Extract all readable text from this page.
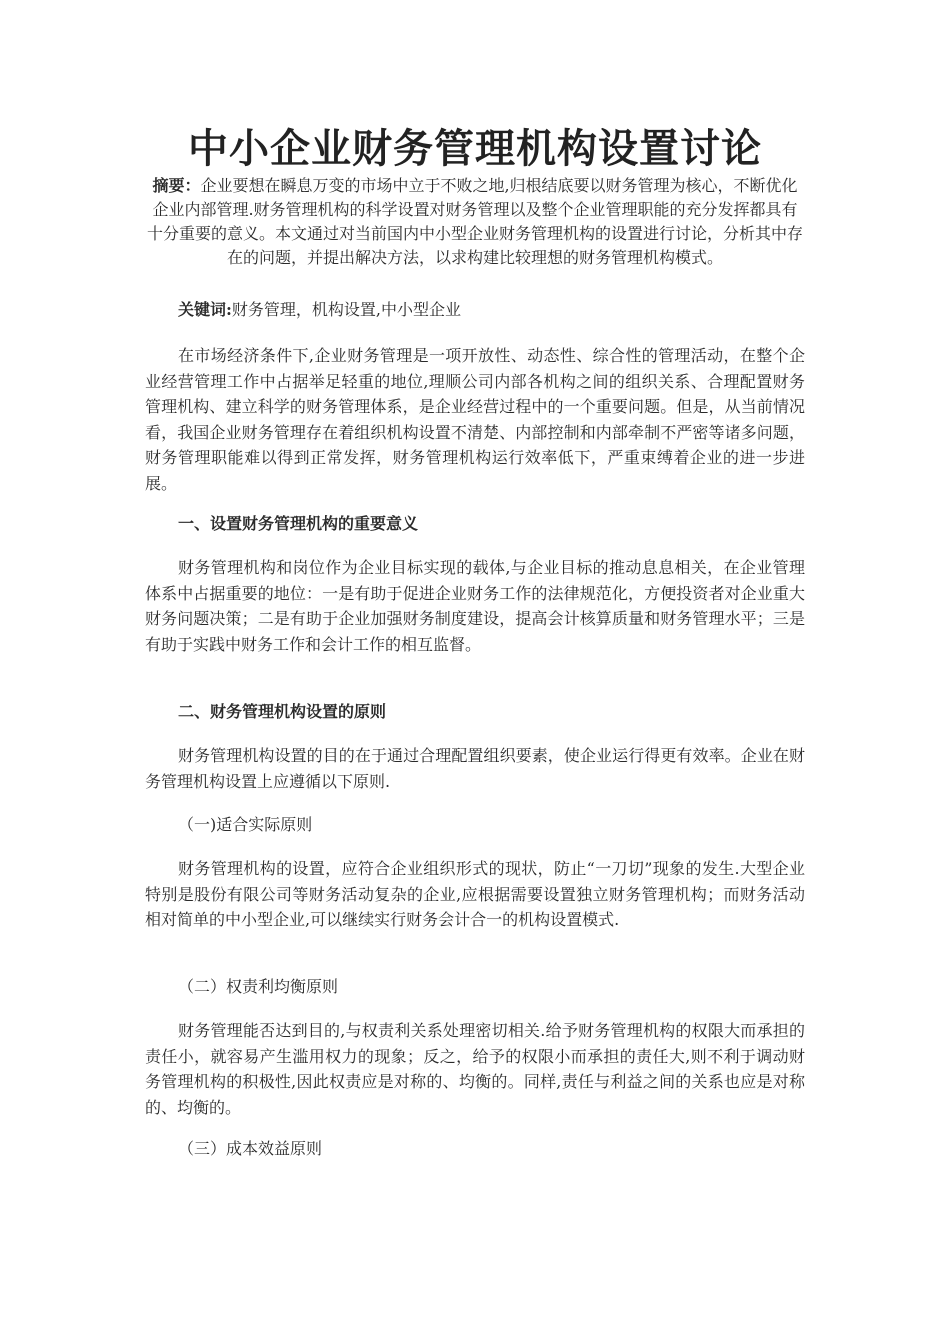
中小企业财务管理机构设置讨论
摘要：企业要想在瞬息万变的市场中立于不败之地,归根结底要以财务管理为核心，不断优化企业内部管理.财务管理机构的科学设置对财务管理以及整个企业管理职能的充分发挥都具有十分重要的意义。本文通过对当前国内中小型企业财务管理机构的设置进行讨论，分析其中存在的问题，并提出解决方法，以求构建比较理想的财务管理机构模式。
关键词:财务管理，机构设置,中小型企业
在市场经济条件下,企业财务管理是一项开放性、动态性、综合性的管理活动，在整个企业经营管理工作中占据举足轻重的地位,理顺公司内部各机构之间的组织关系、合理配置财务管理机构、建立科学的财务管理体系，是企业经营过程中的一个重要问题。但是，从当前情况看，我国企业财务管理存在着组织机构设置不清楚、内部控制和内部牵制不严密等诸多问题，财务管理职能难以得到正常发挥，财务管理机构运行效率低下，严重束缚着企业的进一步进展。
一、设置财务管理机构的重要意义
财务管理机构和岗位作为企业目标实现的载体,与企业目标的推动息息相关，在企业管理体系中占据重要的地位：一是有助于促进企业财务工作的法律规范化，方便投资者对企业重大财务问题决策；二是有助于企业加强财务制度建设，提高会计核算质量和财务管理水平；三是有助于实践中财务工作和会计工作的相互监督。
二、财务管理机构设置的原则
财务管理机构设置的目的在于通过合理配置组织要素，使企业运行得更有效率。企业在财务管理机构设置上应遵循以下原则.
（一)适合实际原则
财务管理机构的设置，应符合企业组织形式的现状，防止“一刀切”现象的发生.大型企业特别是股份有限公司等财务活动复杂的企业,应根据需要设置独立财务管理机构；而财务活动相对简单的中小型企业,可以继续实行财务会计合一的机构设置模式.
（二）权责利均衡原则
财务管理能否达到目的,与权责利关系处理密切相关.给予财务管理机构的权限大而承担的责任小，就容易产生滥用权力的现象；反之，给予的权限小而承担的责任大,则不利于调动财务管理机构的积极性,因此权责应是对称的、均衡的。同样,责任与利益之间的关系也应是对称的、均衡的。
（三）成本效益原则
